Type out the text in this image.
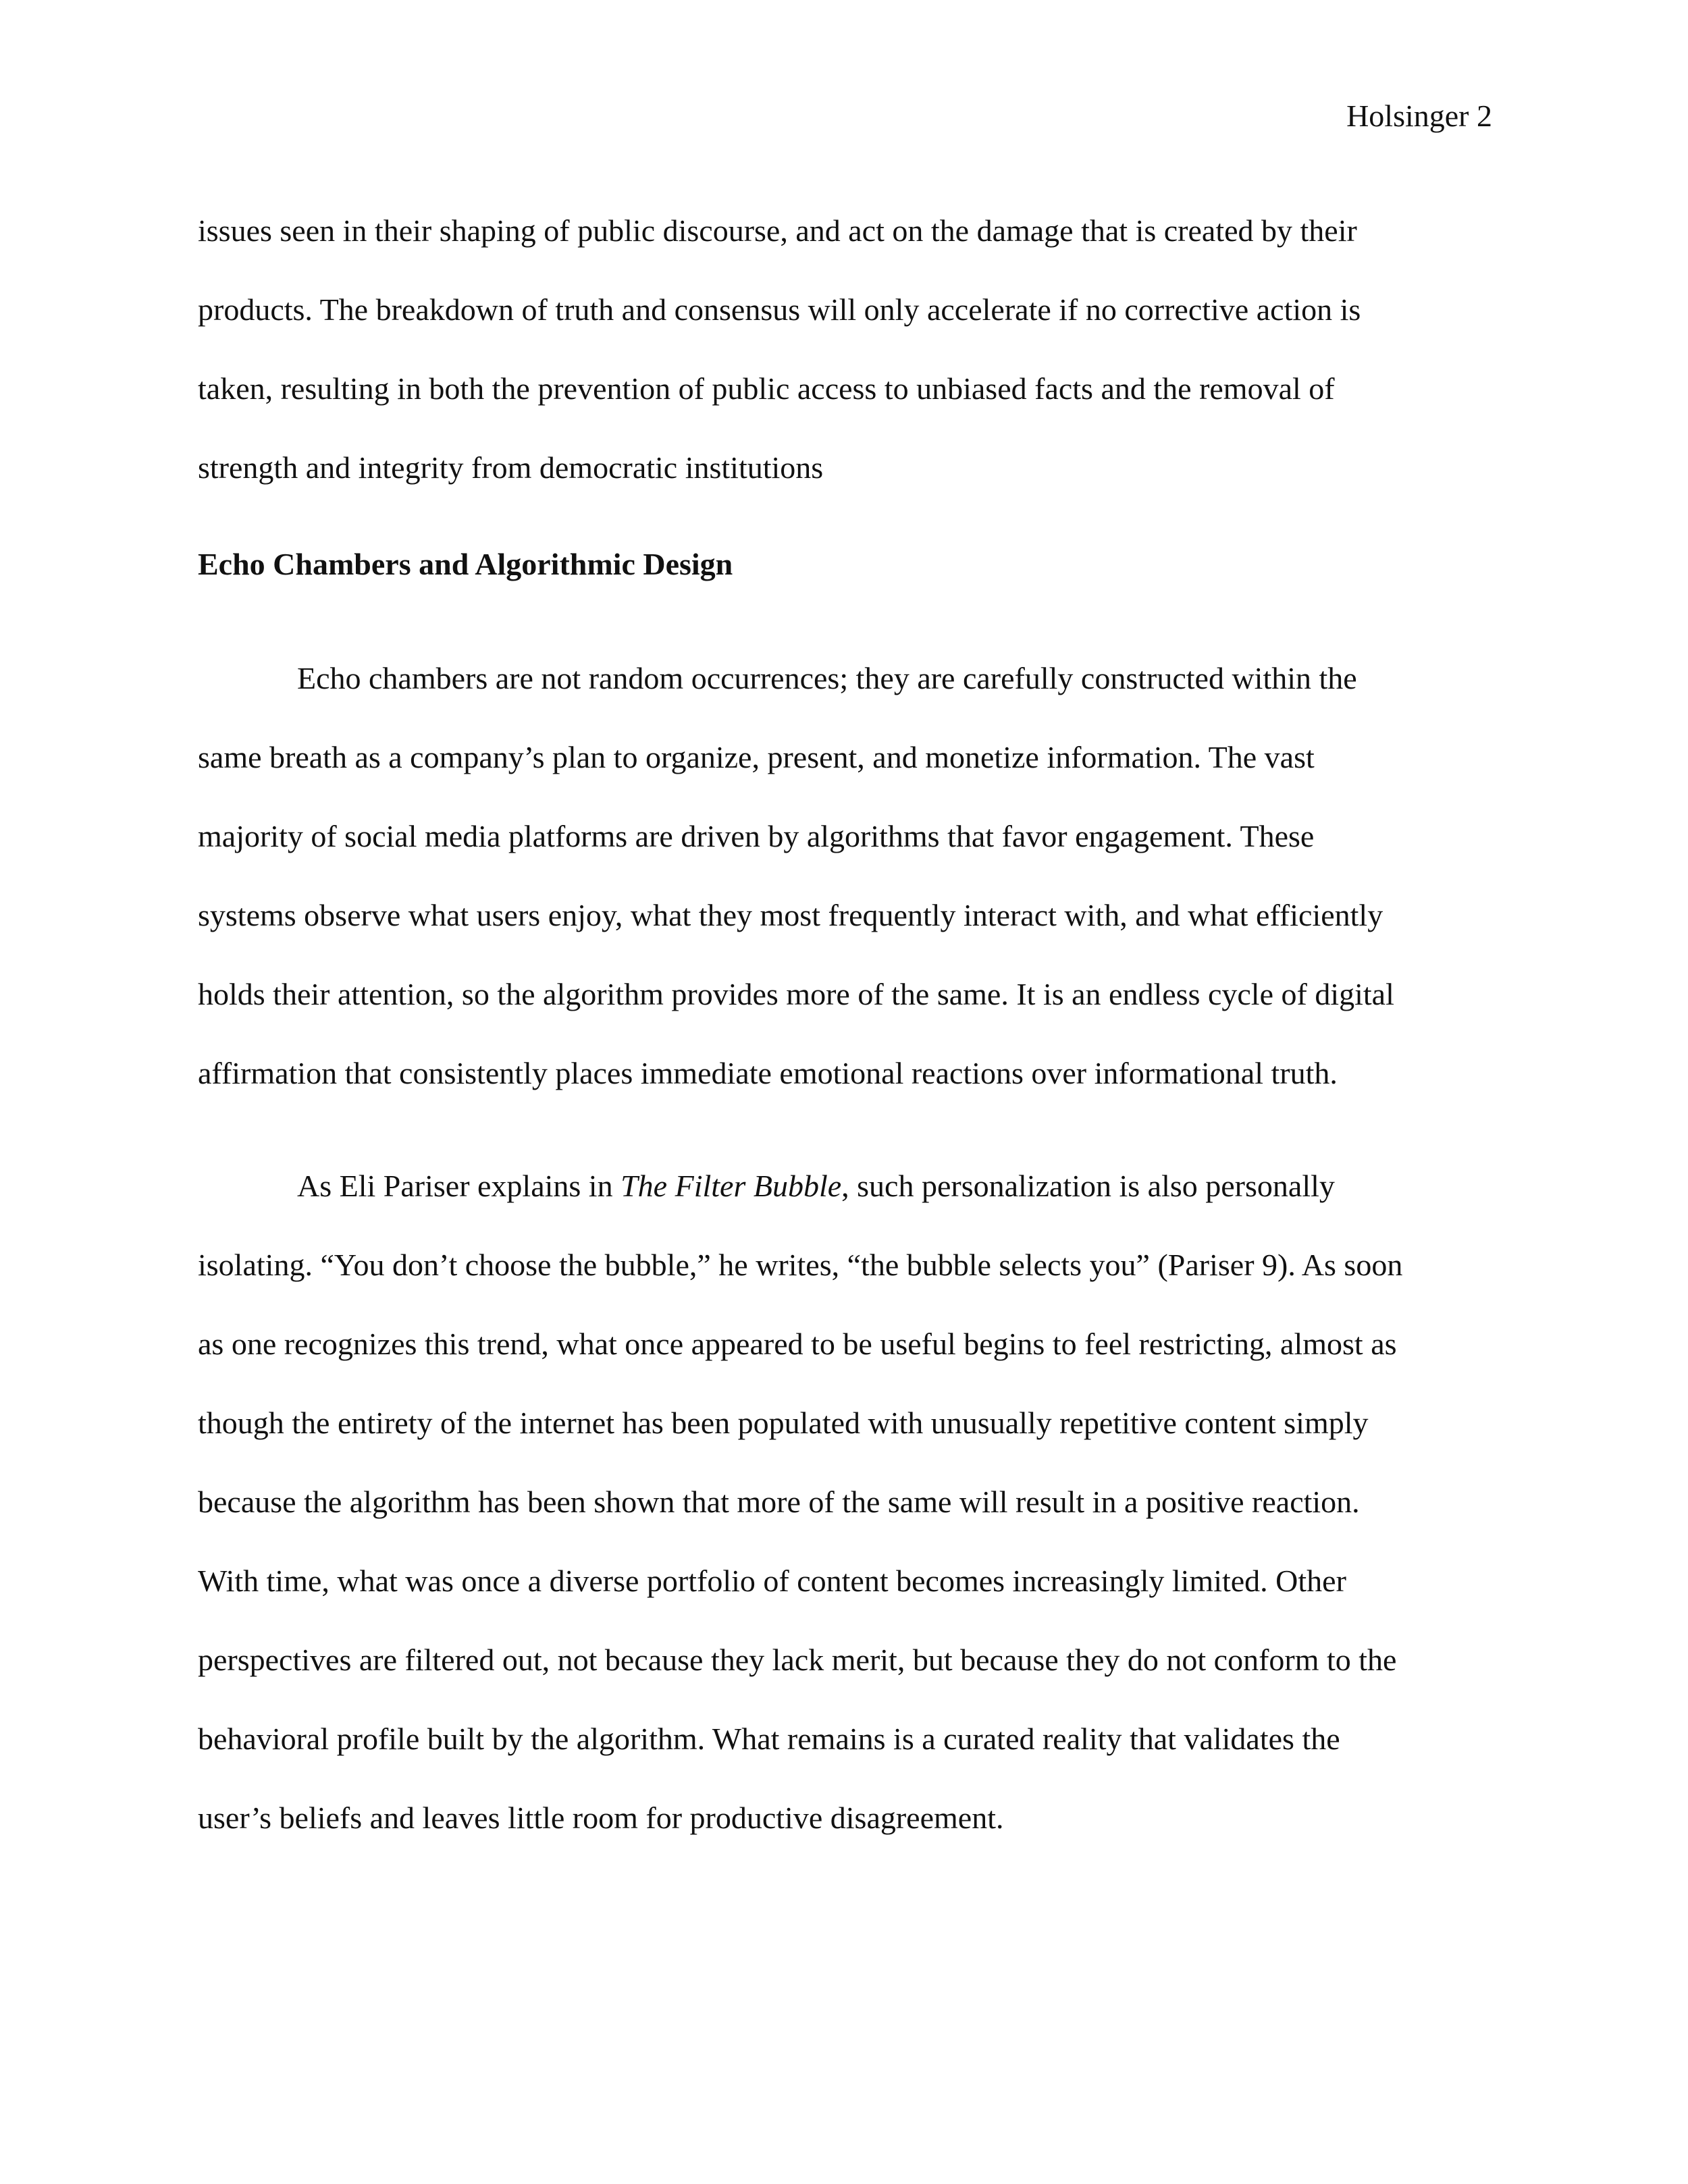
Holsinger 2
issues seen in their shaping of public discourse, and act on the damage that is created by their
products. The breakdown of truth and consensus will only accelerate if no corrective action is
taken, resulting in both the prevention of public access to unbiased facts and the removal of
strength and integrity from democratic institutions
Echo Chambers and Algorithmic Design
Echo chambers are not random occurrences; they are carefully constructed within the
same breath as a company’s plan to organize, present, and monetize information. The vast
majority of social media platforms are driven by algorithms that favor engagement. These
systems observe what users enjoy, what they most frequently interact with, and what efficiently
holds their attention, so the algorithm provides more of the same. It is an endless cycle of digital
affirmation that consistently places immediate emotional reactions over informational truth.
As Eli Pariser explains in The Filter Bubble, such personalization is also personally
isolating. “You don’t choose the bubble,” he writes, “the bubble selects you” (Pariser 9). As soon
as one recognizes this trend, what once appeared to be useful begins to feel restricting, almost as
though the entirety of the internet has been populated with unusually repetitive content simply
because the algorithm has been shown that more of the same will result in a positive reaction.
With time, what was once a diverse portfolio of content becomes increasingly limited. Other
perspectives are filtered out, not because they lack merit, but because they do not conform to the
behavioral profile built by the algorithm. What remains is a curated reality that validates the
user’s beliefs and leaves little room for productive disagreement.
